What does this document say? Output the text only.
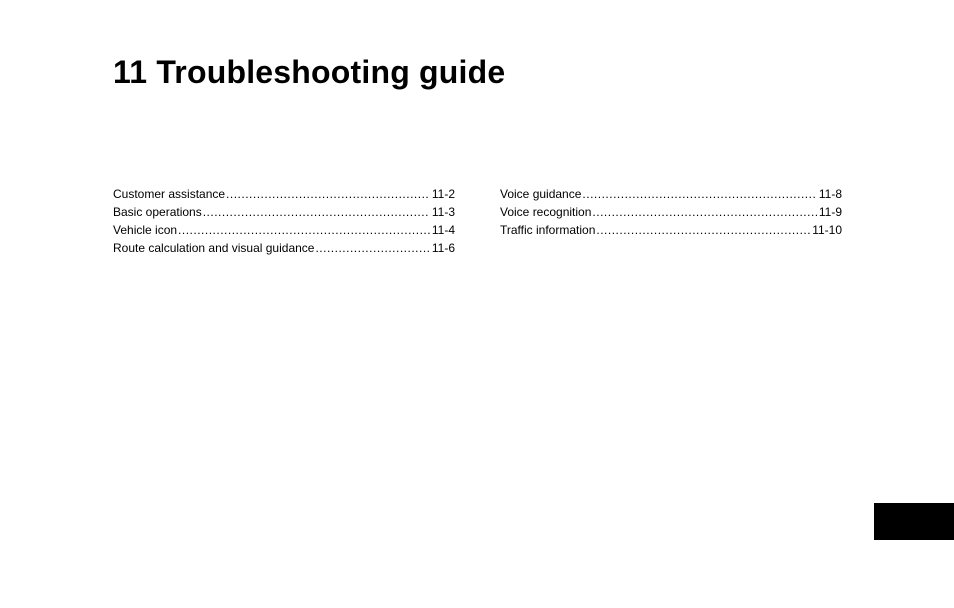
11 Troubleshooting guide
Customer assistance .....	11-2
Basic operations .....	11-3
Vehicle icon .....	11-4
Route calculation and visual guidance .....	11-6
Voice guidance .....	11-8
Voice recognition .....	11-9
Traffic information .....	11-10
